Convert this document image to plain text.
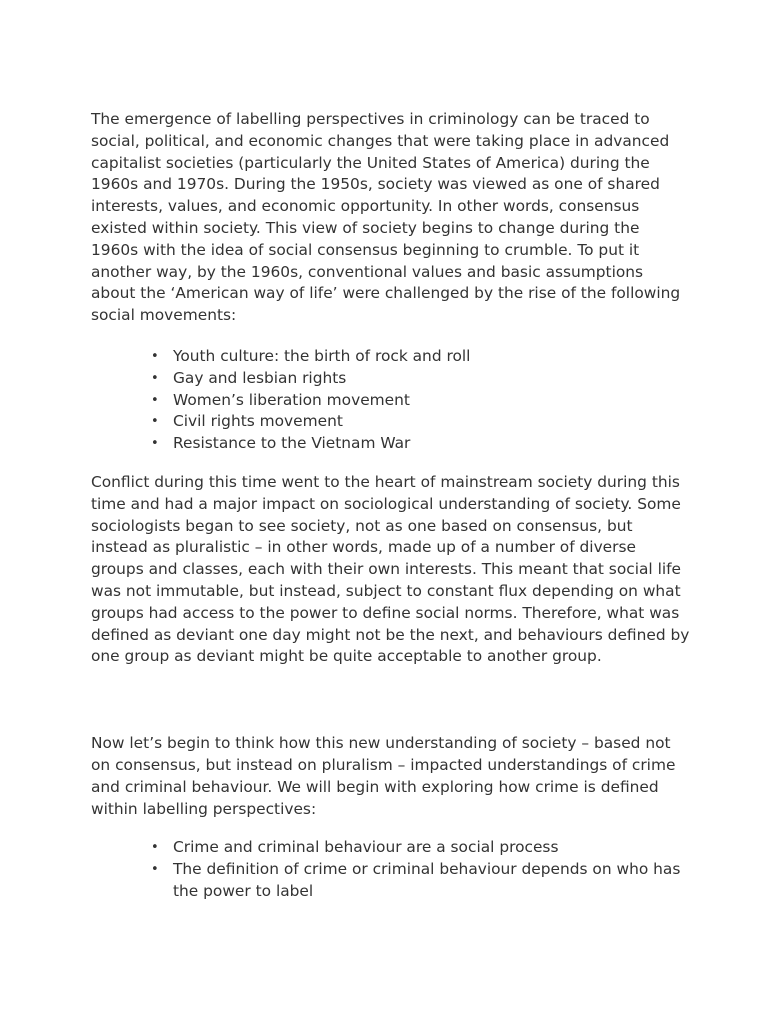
The emergence of labelling perspectives in criminology can be traced to social, political, and economic changes that were taking place in advanced capitalist societies (particularly the United States of America) during the 1960s and 1970s. During the 1950s, society was viewed as one of shared interests, values, and economic opportunity. In other words, consensus existed within society. This view of society begins to change during the 1960s with the idea of social consensus beginning to crumble. To put it another way, by the 1960s, conventional values and basic assumptions about the ‘American way of life’ were challenged by the rise of the following social movements:

• Youth culture: the birth of rock and roll
• Gay and lesbian rights
• Women’s liberation movement
• Civil rights movement
• Resistance to the Vietnam War

Conflict during this time went to the heart of mainstream society during this time and had a major impact on sociological understanding of society. Some sociologists began to see society, not as one based on consensus, but instead as pluralistic – in other words, made up of a number of diverse groups and classes, each with their own interests. This meant that social life was not immutable, but instead, subject to constant flux depending on what groups had access to the power to define social norms. Therefore, what was defined as deviant one day might not be the next, and behaviours defined by one group as deviant might be quite acceptable to another group.

Now let’s begin to think how this new understanding of society – based not on consensus, but instead on pluralism – impacted understandings of crime and criminal behaviour. We will begin with exploring how crime is defined within labelling perspectives:

• Crime and criminal behaviour are a social process
• The definition of crime or criminal behaviour depends on who has the power to label
